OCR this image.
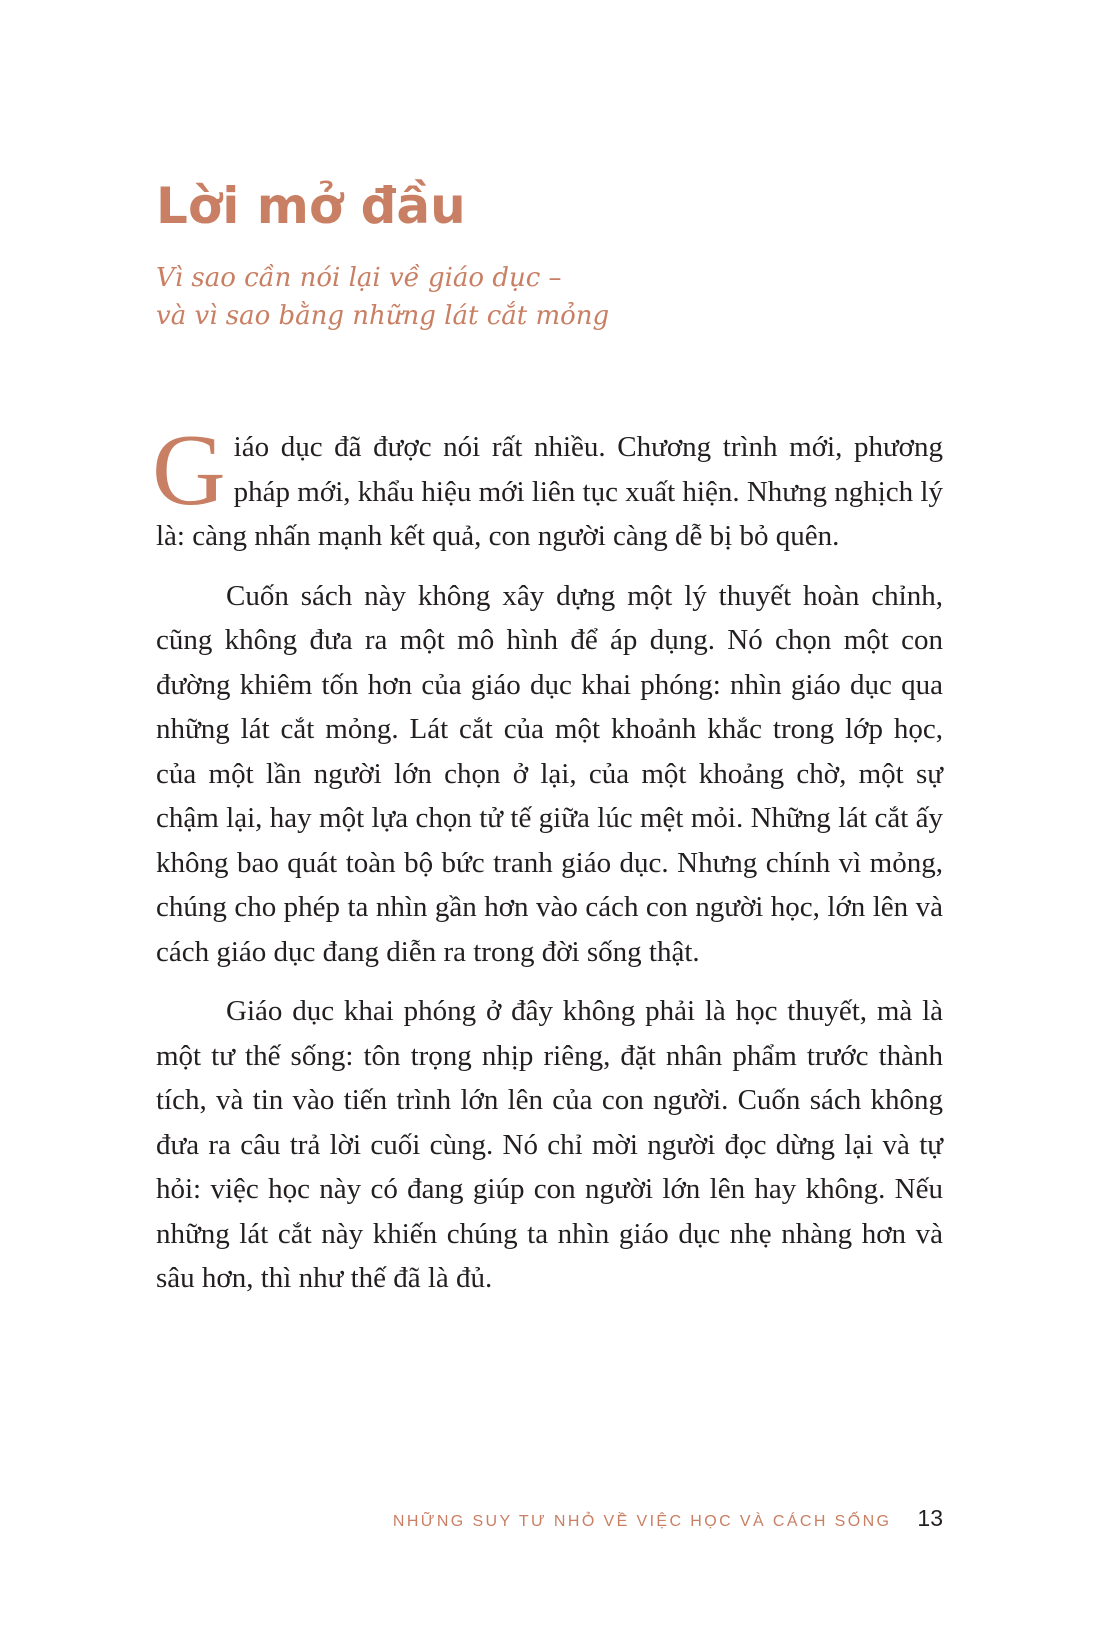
Lời mở đầu
Vì sao cần nói lại về giáo dục –
và vì sao bằng những lát cắt mỏng

Giáo dục đã được nói rất nhiều. Chương trình mới, phương pháp mới, khẩu hiệu mới liên tục xuất hiện. Nhưng nghịch lý là: càng nhấn mạnh kết quả, con người càng dễ bị bỏ quên.

Cuốn sách này không xây dựng một lý thuyết hoàn chỉnh, cũng không đưa ra một mô hình để áp dụng. Nó chọn một con đường khiêm tốn hơn của giáo dục khai phóng: nhìn giáo dục qua những lát cắt mỏng. Lát cắt của một khoảnh khắc trong lớp học, của một lần người lớn chọn ở lại, của một khoảng chờ, một sự chậm lại, hay một lựa chọn tử tế giữa lúc mệt mỏi. Những lát cắt ấy không bao quát toàn bộ bức tranh giáo dục. Nhưng chính vì mỏng, chúng cho phép ta nhìn gần hơn vào cách con người học, lớn lên và cách giáo dục đang diễn ra trong đời sống thật.

Giáo dục khai phóng ở đây không phải là học thuyết, mà là một tư thế sống: tôn trọng nhịp riêng, đặt nhân phẩm trước thành tích, và tin vào tiến trình lớn lên của con người. Cuốn sách không đưa ra câu trả lời cuối cùng. Nó chỉ mời người đọc dừng lại và tự hỏi: việc học này có đang giúp con người lớn lên hay không. Nếu những lát cắt này khiến chúng ta nhìn giáo dục nhẹ nhàng hơn và sâu hơn, thì như thế đã là đủ.

NHỮNG SUY TƯ NHỎ VỀ VIỆC HỌC VÀ CÁCH SỐNG 13
